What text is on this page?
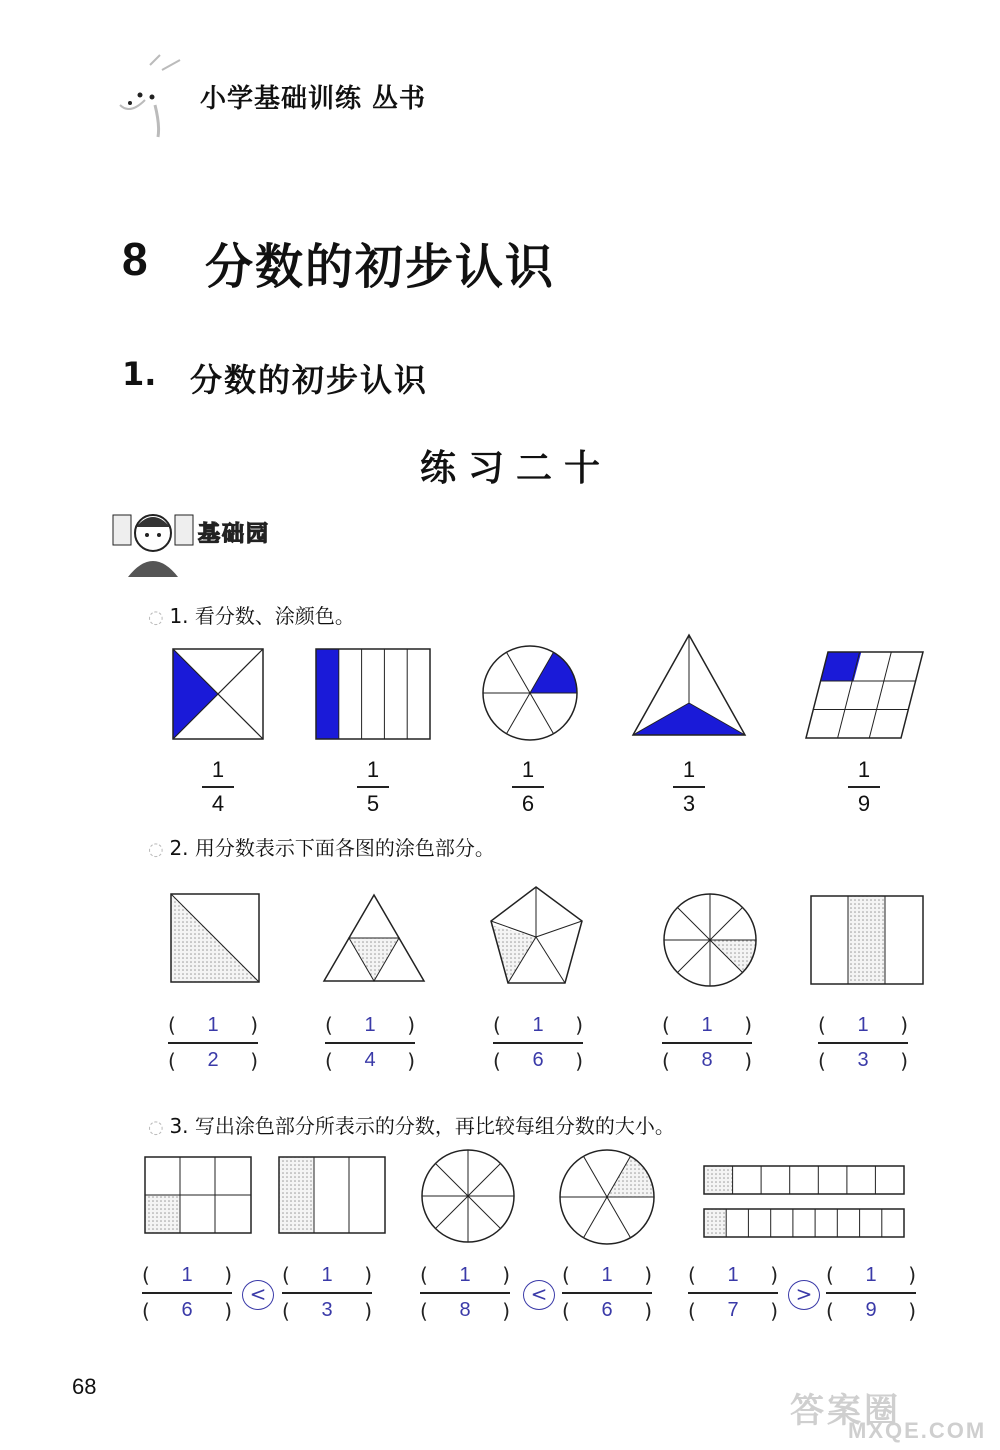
小学基础训练 丛书
8 分数的初步认识
1. 分数的初步认识
练习二十
基础园
◌ 1. 看分数、涂颜色。
1
4
1
5
1
6
1
3
1
9
◌ 2. 用分数表示下面各图的涂色部分。
( 1 )
( 2 )
( 1 )
( 4 )
( 1 )
( 6 )
( 1 )
( 8 )
( 1 )
( 3 )
◌ 3. 写出涂色部分所表示的分数，再比较每组分数的大小。
( 1 )
( 6 )
<
( 1 )
( 3 )
( 1 )
( 8 )
<
( 1 )
( 6 )
( 1 )
( 7 )
>
( 1 )
( 9 )
68
答案圈
MXQE.COM
